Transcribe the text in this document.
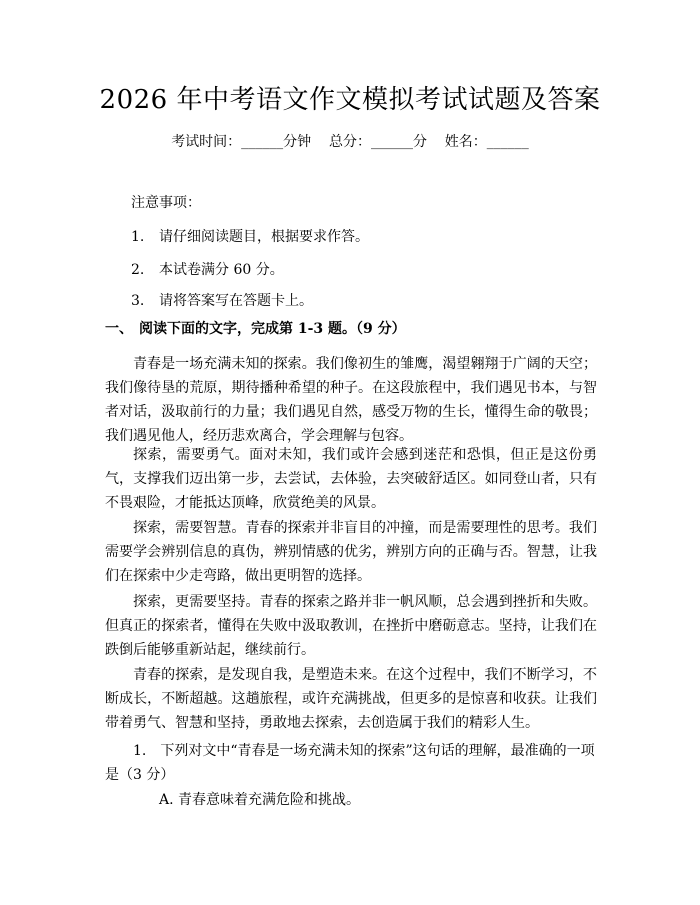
2026 年中考语文作文模拟考试试题及答案
考试时间：______分钟    总分：______分    姓名：______
注意事项：
1. 请仔细阅读题目，根据要求作答。
2. 本试卷满分 60 分。
3. 请将答案写在答题卡上。
一、 阅读下面的文字，完成第 1-3 题。（9 分）

青春是一场充满未知的探索。我们像初生的雏鹰，渴望翱翔于广阔的天空；我们像待垦的荒原，期待播种希望的种子。在这段旅程中，我们遇见书本，与智者对话，汲取前行的力量；我们遇见自然，感受万物的生长，懂得生命的敬畏；我们遇见他人，经历悲欢离合，学会理解与包容。

探索，需要勇气。面对未知，我们或许会感到迷茫和恐惧，但正是这份勇气，支撑我们迈出第一步，去尝试，去体验，去突破舒适区。如同登山者，只有不畏艰险，才能抵达顶峰，欣赏绝美的风景。

探索，需要智慧。青春的探索并非盲目的冲撞，而是需要理性的思考。我们需要学会辨别信息的真伪，辨别情感的优劣，辨别方向的正确与否。智慧，让我们在探索中少走弯路，做出更明智的选择。

探索，更需要坚持。青春的探索之路并非一帆风顺，总会遇到挫折和失败。但真正的探索者，懂得在失败中汲取教训，在挫折中磨砺意志。坚持，让我们在跌倒后能够重新站起，继续前行。

青春的探索，是发现自我，是塑造未来。在这个过程中，我们不断学习，不断成长，不断超越。这趟旅程，或许充满挑战，但更多的是惊喜和收获。让我们带着勇气、智慧和坚持，勇敢地去探索，去创造属于我们的精彩人生。

1.　下列对文中“青春是一场充满未知的探索”这句话的理解，最准确的一项是（3 分）

A. 青春意味着充满危险和挑战。
